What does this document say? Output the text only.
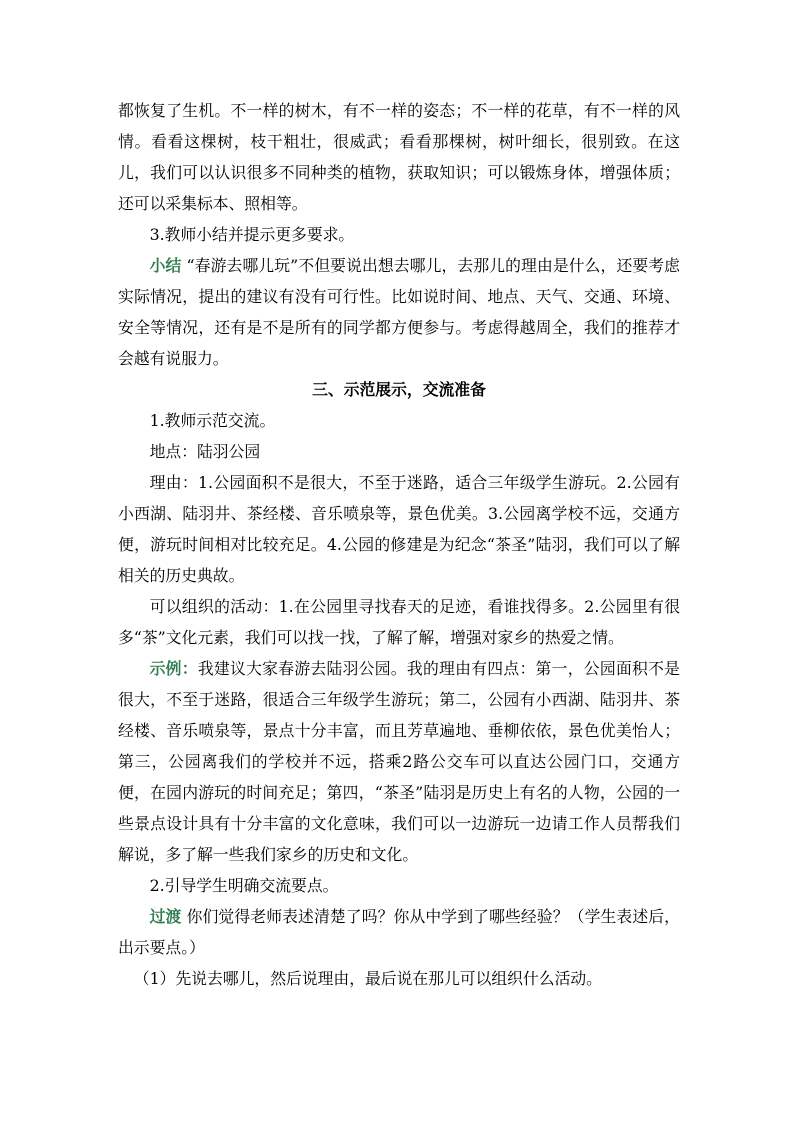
都恢复了生机。不一样的树木，有不一样的姿态；不一样的花草，有不一样的风情。看看这棵树，枝干粗壮，很威武；看看那棵树，树叶细长，很别致。在这儿，我们可以认识很多不同种类的植物，获取知识；可以锻炼身体，增强体质；还可以采集标本、照相等。

3.教师小结并提示更多要求。

小结 “春游去哪儿玩”不但要说出想去哪儿，去那儿的理由是什么，还要考虑实际情况，提出的建议有没有可行性。比如说时间、地点、天气、交通、环境、安全等情况，还有是不是所有的同学都方便参与。考虑得越周全，我们的推荐才会越有说服力。

三、示范展示，交流准备

1.教师示范交流。

地点：陆羽公园

理由：1.公园面积不是很大，不至于迷路，适合三年级学生游玩。2.公园有小西湖、陆羽井、茶经楼、音乐喷泉等，景色优美。3.公园离学校不远，交通方便，游玩时间相对比较充足。4.公园的修建是为纪念“茶圣”陆羽，我们可以了解相关的历史典故。

可以组织的活动：1.在公园里寻找春天的足迹，看谁找得多。2.公园里有很多“茶”文化元素，我们可以找一找，了解了解，增强对家乡的热爱之情。

示例：我建议大家春游去陆羽公园。我的理由有四点：第一，公园面积不是很大，不至于迷路，很适合三年级学生游玩；第二，公园有小西湖、陆羽井、茶经楼、音乐喷泉等，景点十分丰富，而且芳草遍地、垂柳依依，景色优美怡人；第三，公园离我们的学校并不远，搭乘2路公交车可以直达公园门口，交通方便，在园内游玩的时间充足；第四，“茶圣”陆羽是历史上有名的人物，公园的一些景点设计具有十分丰富的文化意味，我们可以一边游玩一边请工作人员帮我们解说，多了解一些我们家乡的历史和文化。

2.引导学生明确交流要点。

过渡 你们觉得老师表述清楚了吗？你从中学到了哪些经验？（学生表述后，出示要点。）

（1）先说去哪儿，然后说理由，最后说在那儿可以组织什么活动。
